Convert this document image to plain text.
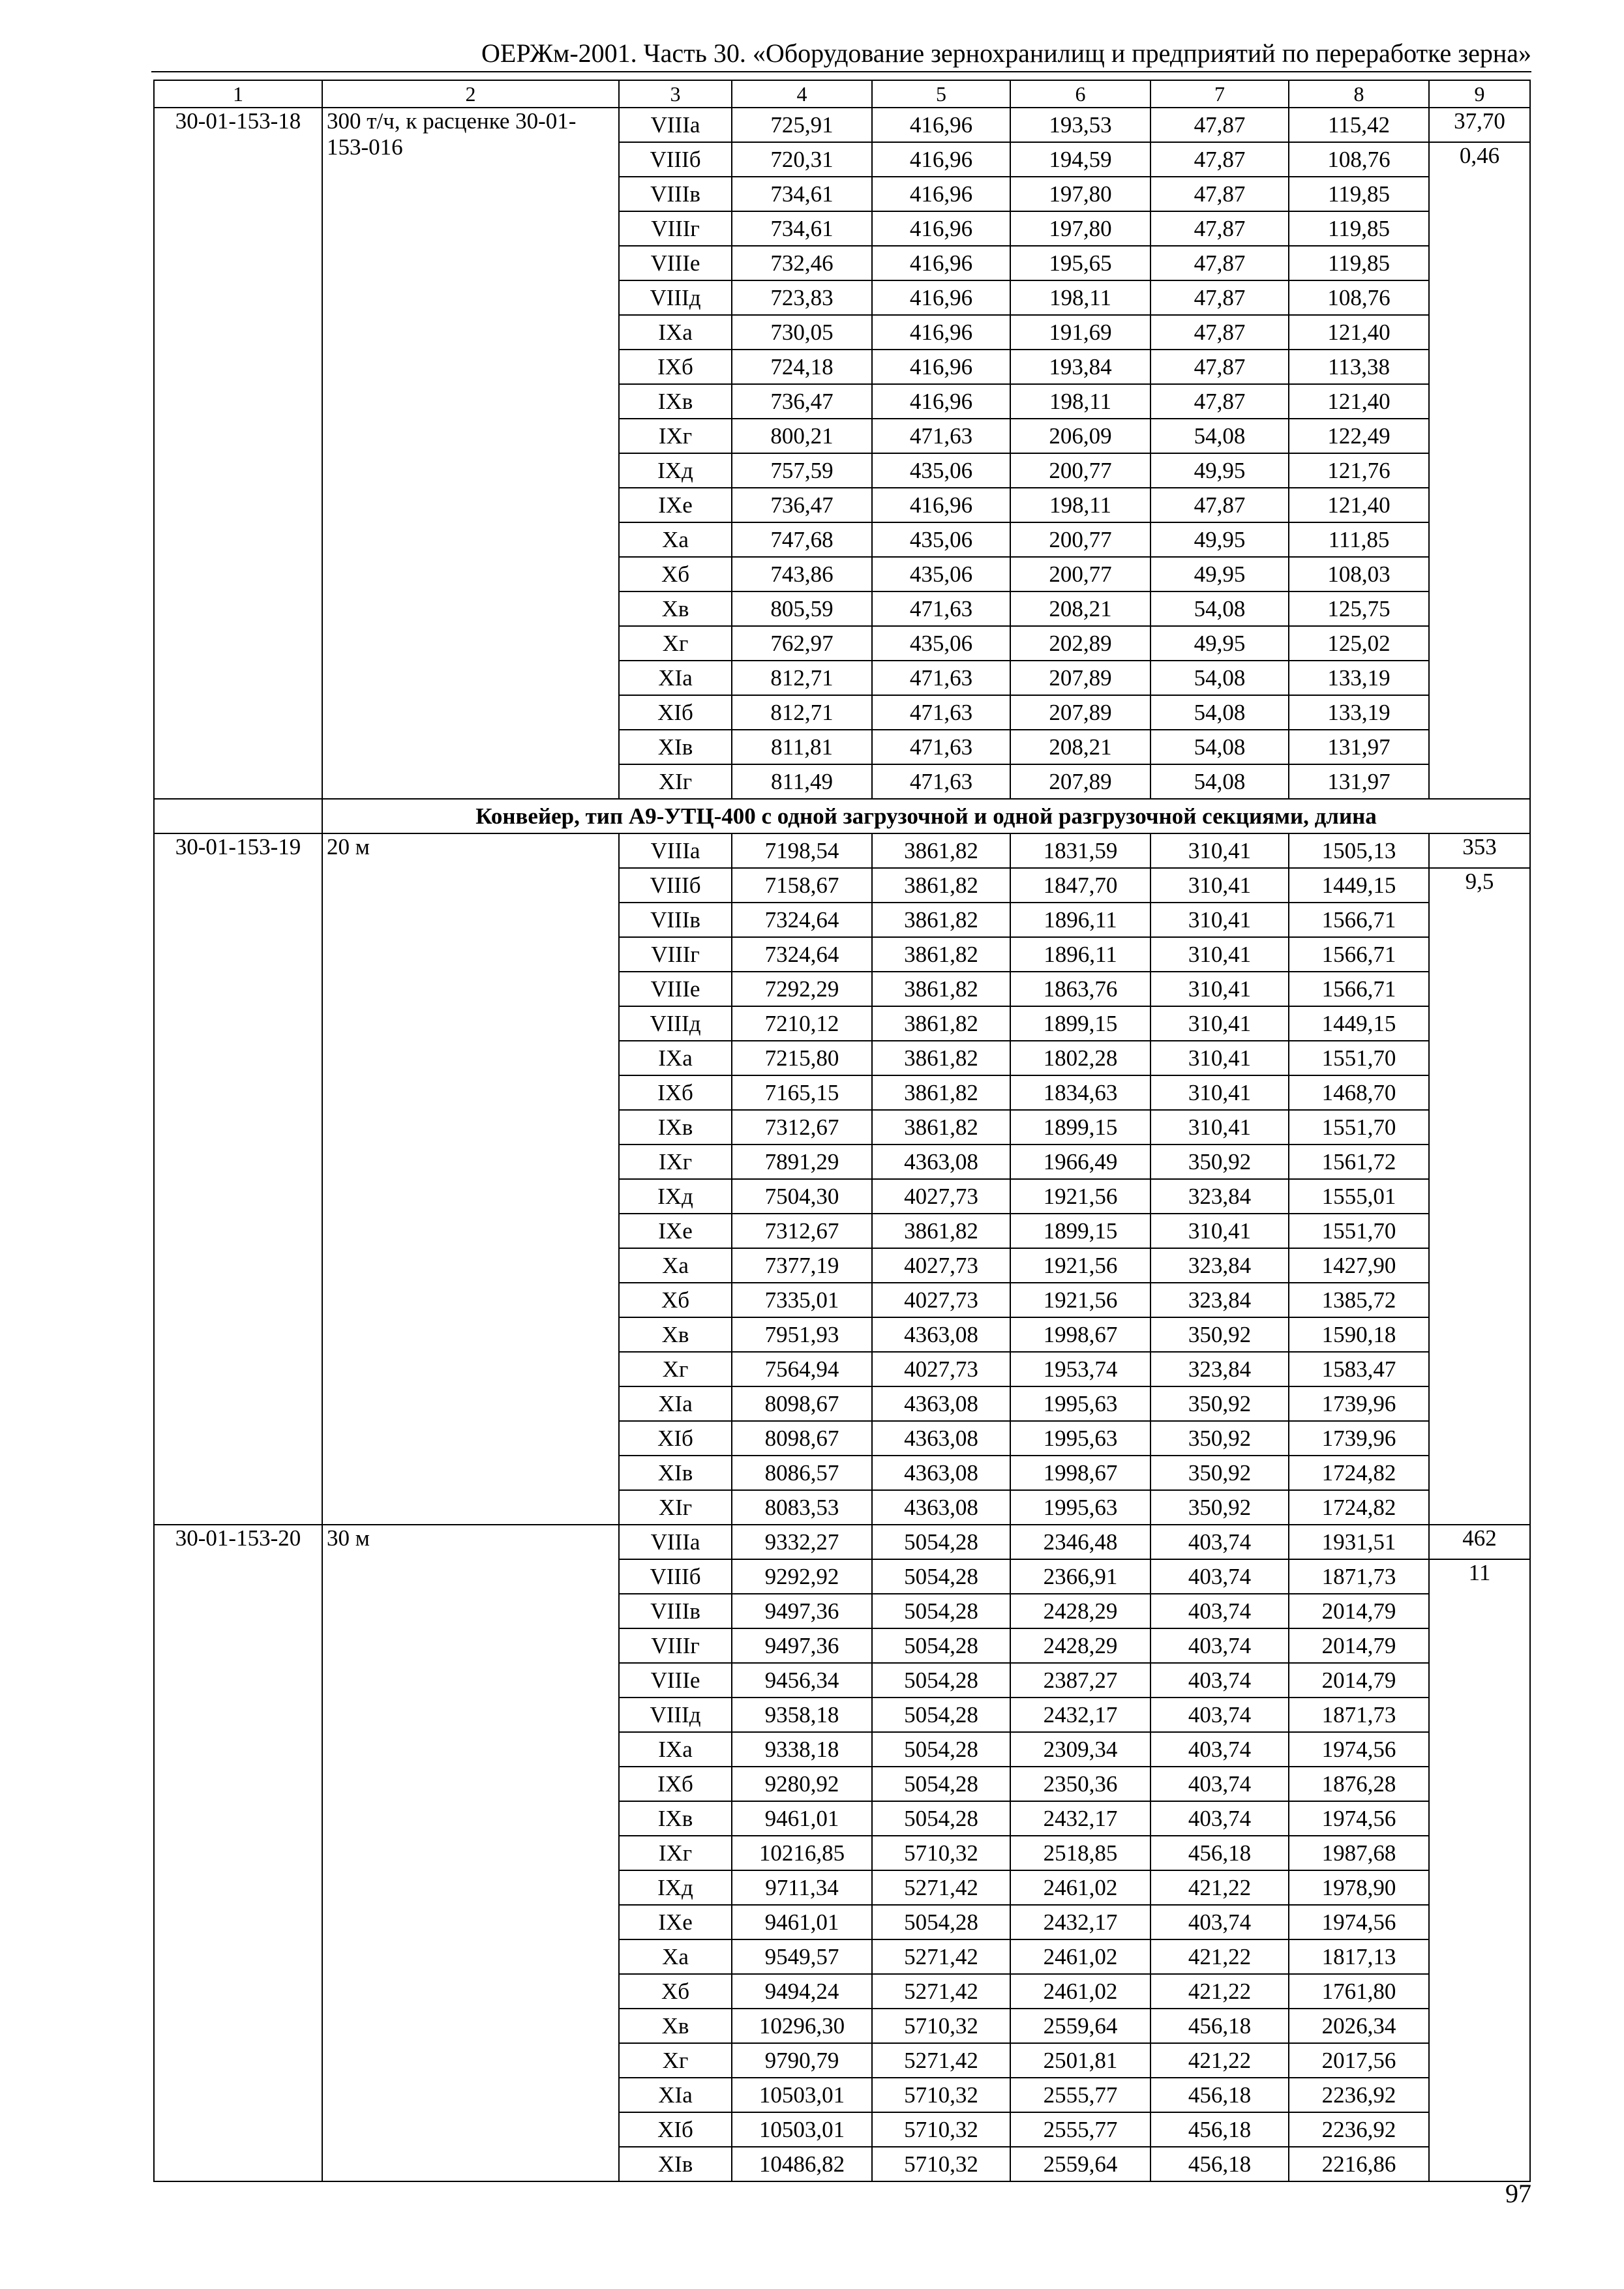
ОЕРЖм-2001. Часть 30. «Оборудование зернохранилищ и предприятий по переработке зерна»
1	2	3	4	5	6	7	8	9
30-01-153-18	300 т/ч, к расценке 30-01-153-016	VIIIа	725,91	416,96	193,53	47,87	115,42	37,70
		VIIIб	720,31	416,96	194,59	47,87	108,76	0,46
		VIIIв	734,61	416,96	197,80	47,87	119,85	
		VIIIг	734,61	416,96	197,80	47,87	119,85	
		VIIIе	732,46	416,96	195,65	47,87	119,85	
		VIIIд	723,83	416,96	198,11	47,87	108,76	
		IXа	730,05	416,96	191,69	47,87	121,40	
		IXб	724,18	416,96	193,84	47,87	113,38	
		IXв	736,47	416,96	198,11	47,87	121,40	
		IXг	800,21	471,63	206,09	54,08	122,49	
		IXд	757,59	435,06	200,77	49,95	121,76	
		IXе	736,47	416,96	198,11	47,87	121,40	
		Xа	747,68	435,06	200,77	49,95	111,85	
		Xб	743,86	435,06	200,77	49,95	108,03	
		Xв	805,59	471,63	208,21	54,08	125,75	
		Xг	762,97	435,06	202,89	49,95	125,02	
		XIа	812,71	471,63	207,89	54,08	133,19	
		XIб	812,71	471,63	207,89	54,08	133,19	
		XIв	811,81	471,63	208,21	54,08	131,97	
		XIг	811,49	471,63	207,89	54,08	131,97	
	Конвейер, тип А9-УТЦ-400 с одной загрузочной и одной разгрузочной секциями, длина							
30-01-153-19	20 м	VIIIа	7198,54	3861,82	1831,59	310,41	1505,13	353
		VIIIб	7158,67	3861,82	1847,70	310,41	1449,15	9,5
		VIIIв	7324,64	3861,82	1896,11	310,41	1566,71	
		VIIIг	7324,64	3861,82	1896,11	310,41	1566,71	
		VIIIе	7292,29	3861,82	1863,76	310,41	1566,71	
		VIIIд	7210,12	3861,82	1899,15	310,41	1449,15	
		IXа	7215,80	3861,82	1802,28	310,41	1551,70	
		IXб	7165,15	3861,82	1834,63	310,41	1468,70	
		IXв	7312,67	3861,82	1899,15	310,41	1551,70	
		IXг	7891,29	4363,08	1966,49	350,92	1561,72	
		IXд	7504,30	4027,73	1921,56	323,84	1555,01	
		IXе	7312,67	3861,82	1899,15	310,41	1551,70	
		Xа	7377,19	4027,73	1921,56	323,84	1427,90	
		Xб	7335,01	4027,73	1921,56	323,84	1385,72	
		Xв	7951,93	4363,08	1998,67	350,92	1590,18	
		Xг	7564,94	4027,73	1953,74	323,84	1583,47	
		XIа	8098,67	4363,08	1995,63	350,92	1739,96	
		XIб	8098,67	4363,08	1995,63	350,92	1739,96	
		XIв	8086,57	4363,08	1998,67	350,92	1724,82	
		XIг	8083,53	4363,08	1995,63	350,92	1724,82	
30-01-153-20	30 м	VIIIа	9332,27	5054,28	2346,48	403,74	1931,51	462
		VIIIб	9292,92	5054,28	2366,91	403,74	1871,73	11
		VIIIв	9497,36	5054,28	2428,29	403,74	2014,79	
		VIIIг	9497,36	5054,28	2428,29	403,74	2014,79	
		VIIIе	9456,34	5054,28	2387,27	403,74	2014,79	
		VIIIд	9358,18	5054,28	2432,17	403,74	1871,73	
		IXа	9338,18	5054,28	2309,34	403,74	1974,56	
		IXб	9280,92	5054,28	2350,36	403,74	1876,28	
		IXв	9461,01	5054,28	2432,17	403,74	1974,56	
		IXг	10216,85	5710,32	2518,85	456,18	1987,68	
		IXд	9711,34	5271,42	2461,02	421,22	1978,90	
		IXе	9461,01	5054,28	2432,17	403,74	1974,56	
		Xа	9549,57	5271,42	2461,02	421,22	1817,13	
		Xб	9494,24	5271,42	2461,02	421,22	1761,80	
		Xв	10296,30	5710,32	2559,64	456,18	2026,34	
		Xг	9790,79	5271,42	2501,81	421,22	2017,56	
		XIа	10503,01	5710,32	2555,77	456,18	2236,92	
		XIб	10503,01	5710,32	2555,77	456,18	2236,92	
		XIв	10486,82	5710,32	2559,64	456,18	2216,86	
97
